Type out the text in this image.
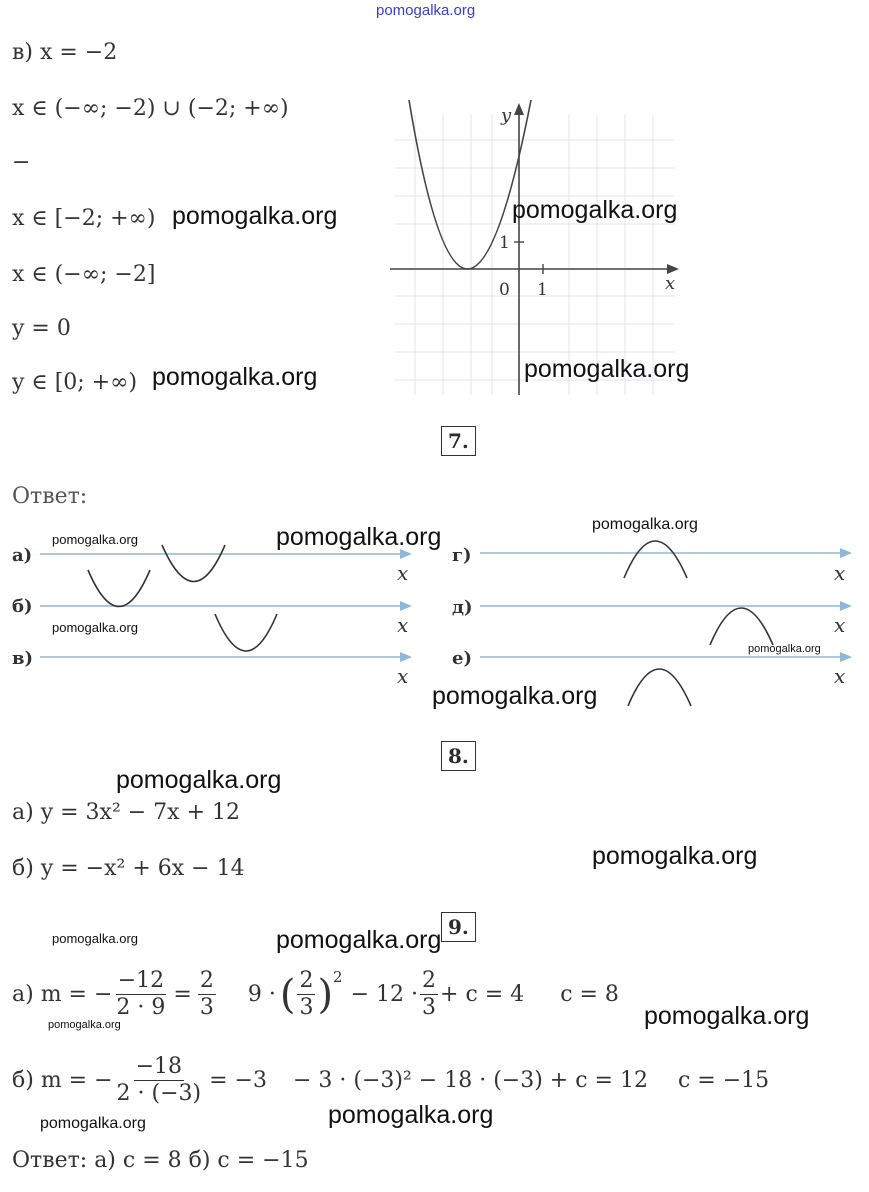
pomogalka.org
в) x = −2
x ∈ (−∞; −2) ∪ (−2; +∞)
−
x ∈ [−2; +∞)
x ∈ (−∞; −2]
y = 0
y ∈ [0; +∞)
pomogalka.org
pomogalka.org
y
x
1
0 1
pomogalka.org
pomogalka.org
7.
Ответ:
pomogalka.org	pomogalka.org	pomogalka.org
а)
б)
в)
г)
д)
е)
x
x
x
x
x
x
pomogalka.org
pomogalka.org
pomogalka.org
8.
pomogalka.org
а) y = 3x² − 7x + 12
б) y = −x² + 6x − 14	pomogalka.org
9.
pomogalka.org	pomogalka.org
а) m = − $\frac{-12}{2 \cdot 9} = \frac{2}{3} 9$ · ( $\frac{2}{3}$ ) 2
− $12 \cdot \frac{2}{3} + c = 4$ c = 8
pomogalka.org	pomogalka.org
б) m = − $\frac{-18}{2 \cdot (-3)} = -3 - 3 \cdot (-3)^2 - 18 \cdot (-3) + c = 12$ c = −15
pomogalka.org
pomogalka.org
Ответ: а) c = 8 б) c = −15
